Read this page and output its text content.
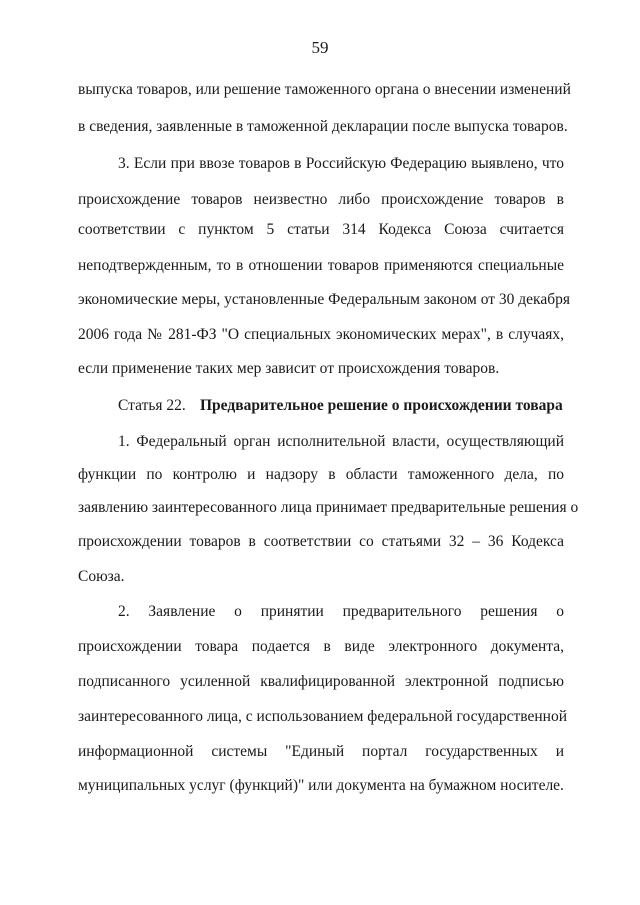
59
выпуска товаров, или решение таможенного органа о внесении изменений
в сведения, заявленные в таможенной декларации после выпуска товаров.
3. Если при ввозе товаров в Российскую Федерацию выявлено, что
происхождение товаров неизвестно либо происхождение товаров в
соответствии с пунктом 5 статьи 314 Кодекса Союза считается
неподтвержденным, то в отношении товаров применяются специальные
экономические меры, установленные Федеральным законом от 30 декабря
2006 года № 281-ФЗ "О специальных экономических мерах", в случаях,
если применение таких мер зависит от происхождения товаров.
Статья 22. Предварительное решение о происхождении товара
1. Федеральный орган исполнительной власти, осуществляющий
функции по контролю и надзору в области таможенного дела, по
заявлению заинтересованного лица принимает предварительные решения о
происхождении товаров в соответствии со статьями 32 – 36 Кодекса
Союза.
2. Заявление о принятии предварительного решения о
происхождении товара подается в виде электронного документа,
подписанного усиленной квалифицированной электронной подписью
заинтересованного лица, с использованием федеральной государственной
информационной системы "Единый портал государственных и
муниципальных услуг (функций)" или документа на бумажном носителе.
